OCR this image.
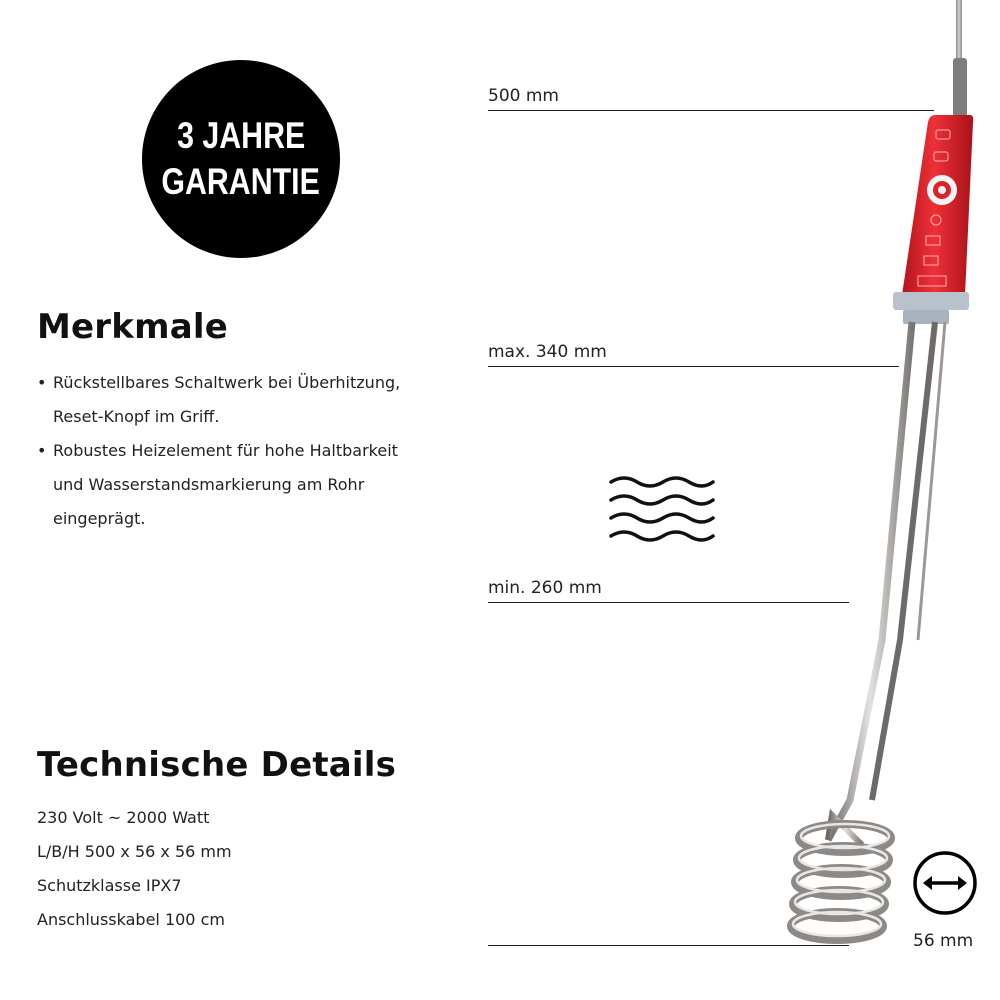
3 JAHRE
GARANTIE
Merkmale
• Rückstellbares Schaltwerk bei Überhitzung,
Reset-Knopf im Griff.
• Robustes Heizelement für hohe Haltbarkeit
und Wasserstandsmarkierung am Rohr
eingeprägt.
Technische Details
230 Volt ~ 2000 Watt
L/B/H 500 x 56 x 56 mm
Schutzklasse IPX7
Anschlusskabel 100 cm
500 mm
max. 340 mm
min. 260 mm
56 mm
